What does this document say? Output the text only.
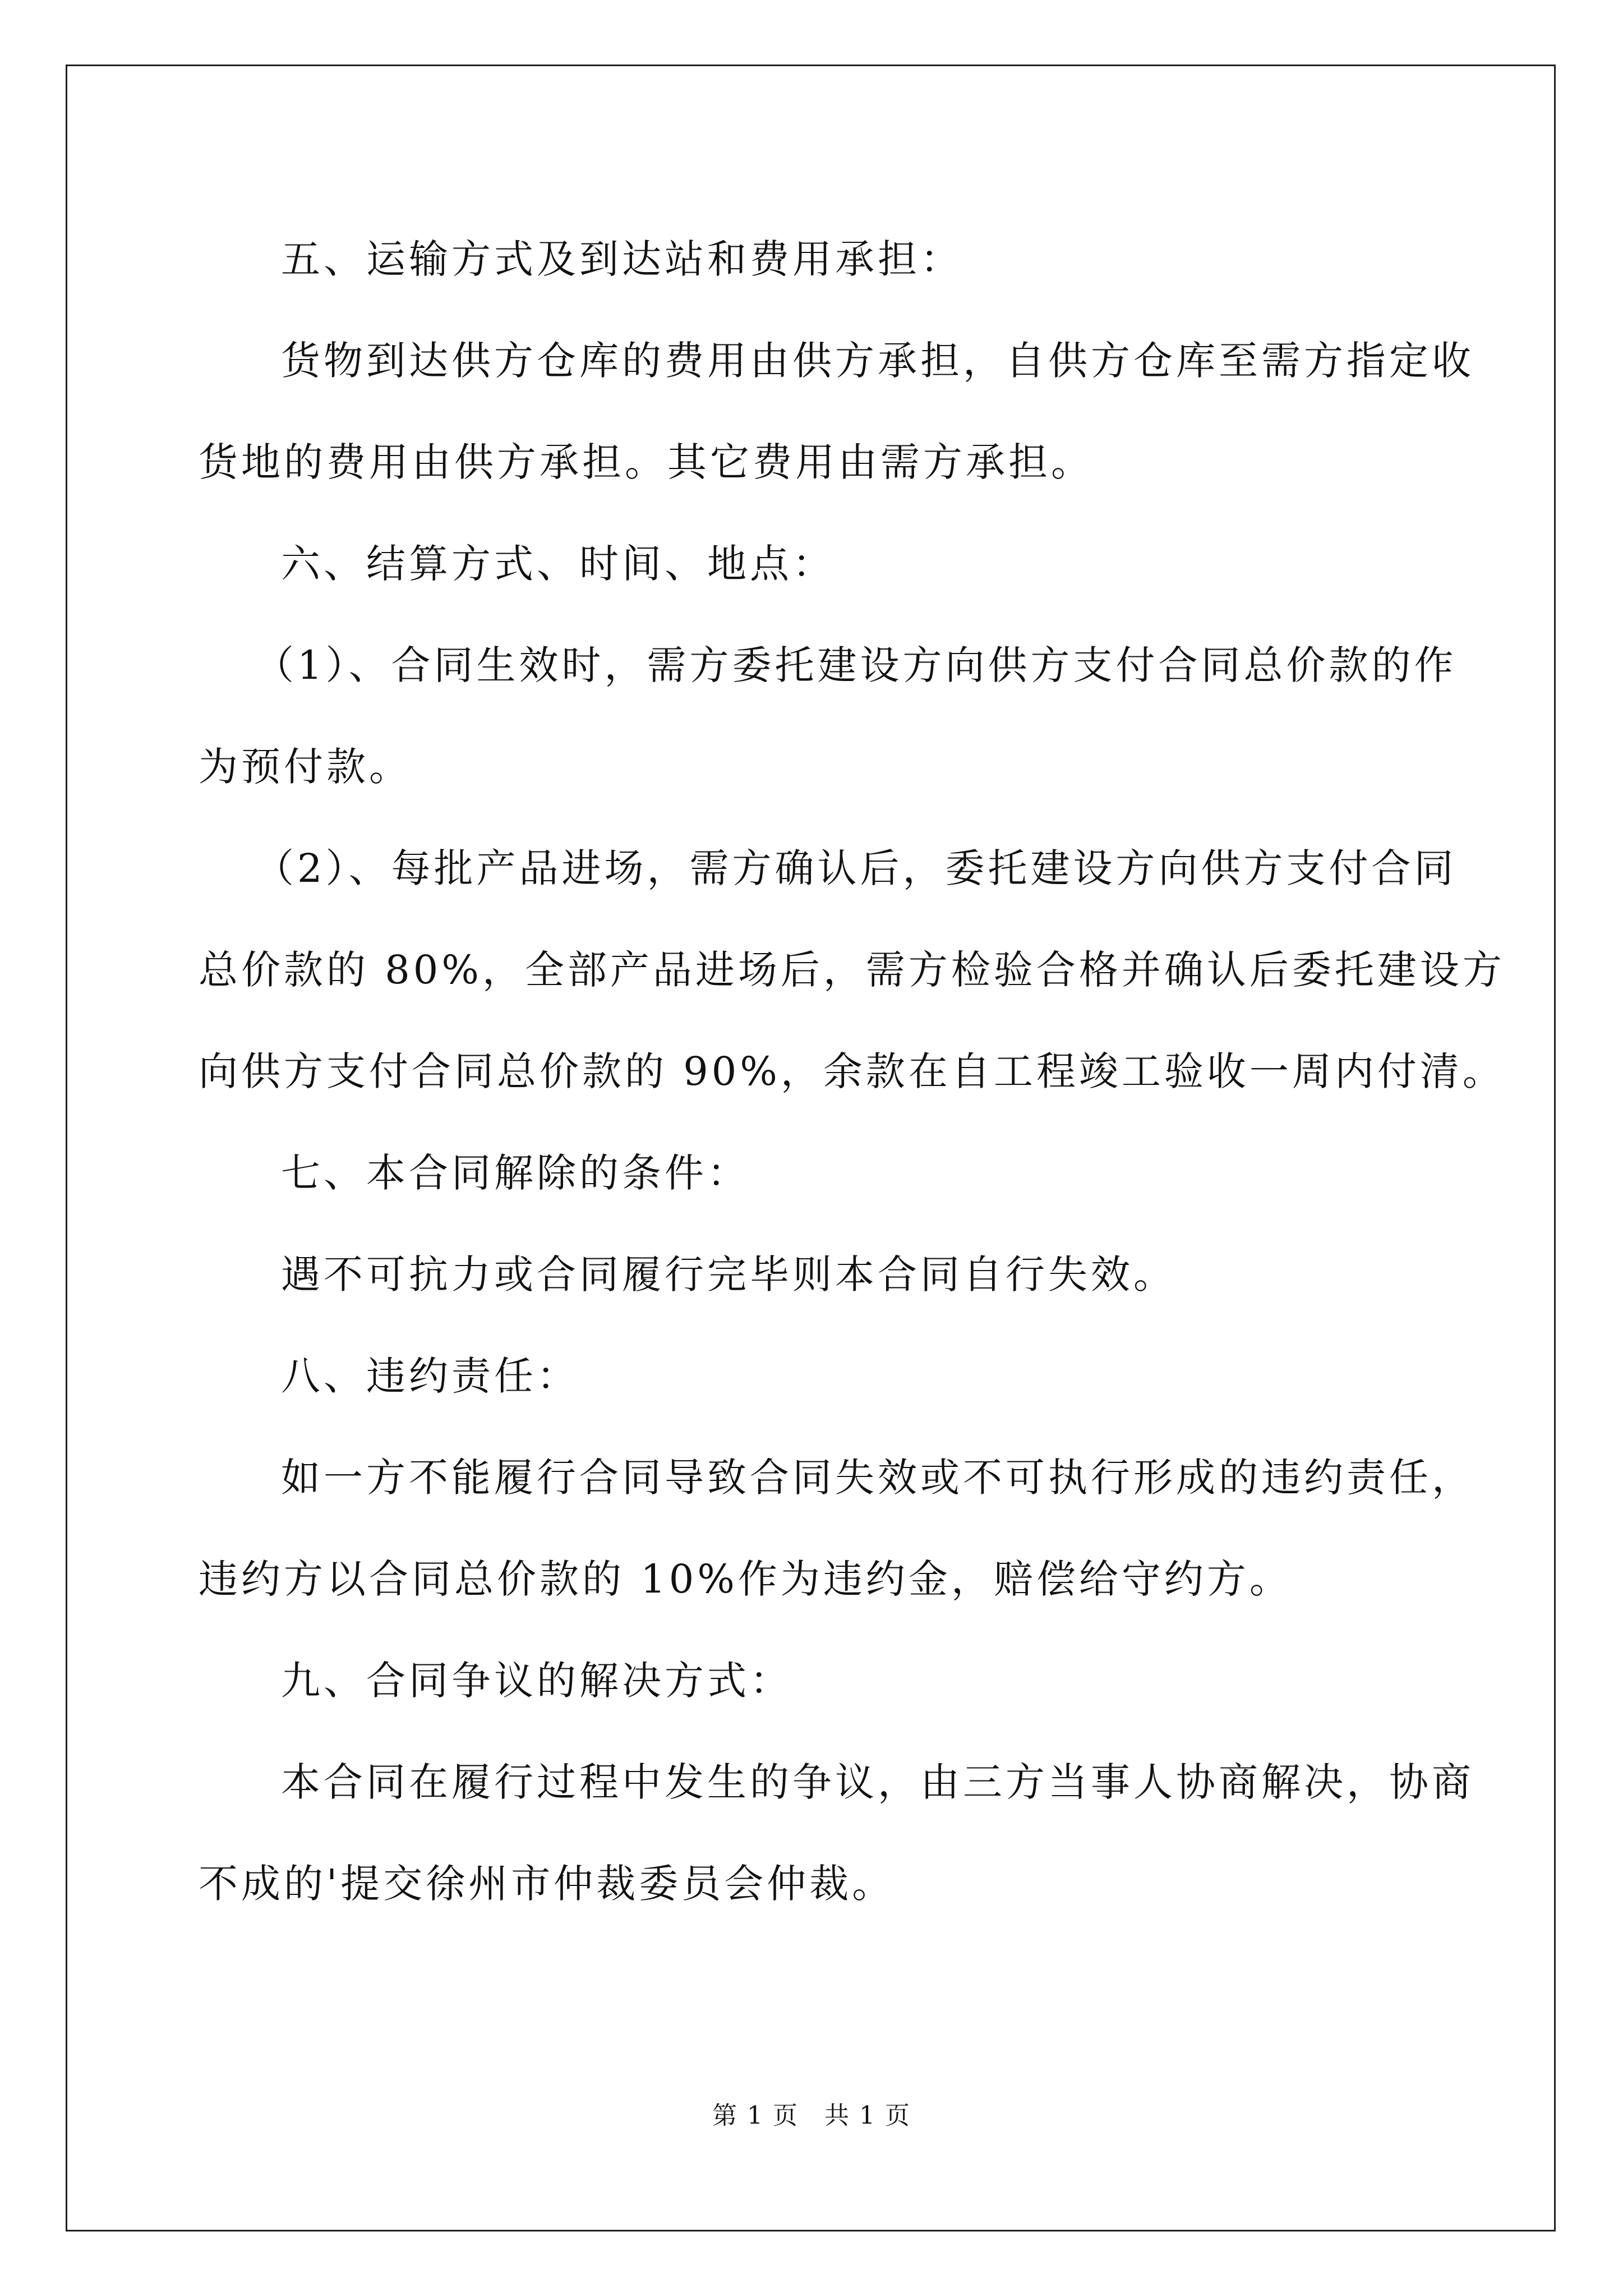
五、运输方式及到达站和费用承担：

货物到达供方仓库的费用由供方承担，自供方仓库至需方指定收

货地的费用由供方承担。其它费用由需方承担。

六、结算方式、时间、地点：

（1）、合同生效时，需方委托建设方向供方支付合同总价款的作

为预付款。

（2）、每批产品进场，需方确认后，委托建设方向供方支付合同

总价款的 80%，全部产品进场后，需方检验合格并确认后委托建设方

向供方支付合同总价款的 90%，余款在自工程竣工验收一周内付清。

七、本合同解除的条件：

遇不可抗力或合同履行完毕则本合同自行失效。

八、违约责任：

如一方不能履行合同导致合同失效或不可执行形成的违约责任，

违约方以合同总价款的 10%作为违约金，赔偿给守约方。

九、合同争议的解决方式：

本合同在履行过程中发生的争议，由三方当事人协商解决，协商

不成的'提交徐州市仲裁委员会仲裁。

第 1 页 共 1 页
